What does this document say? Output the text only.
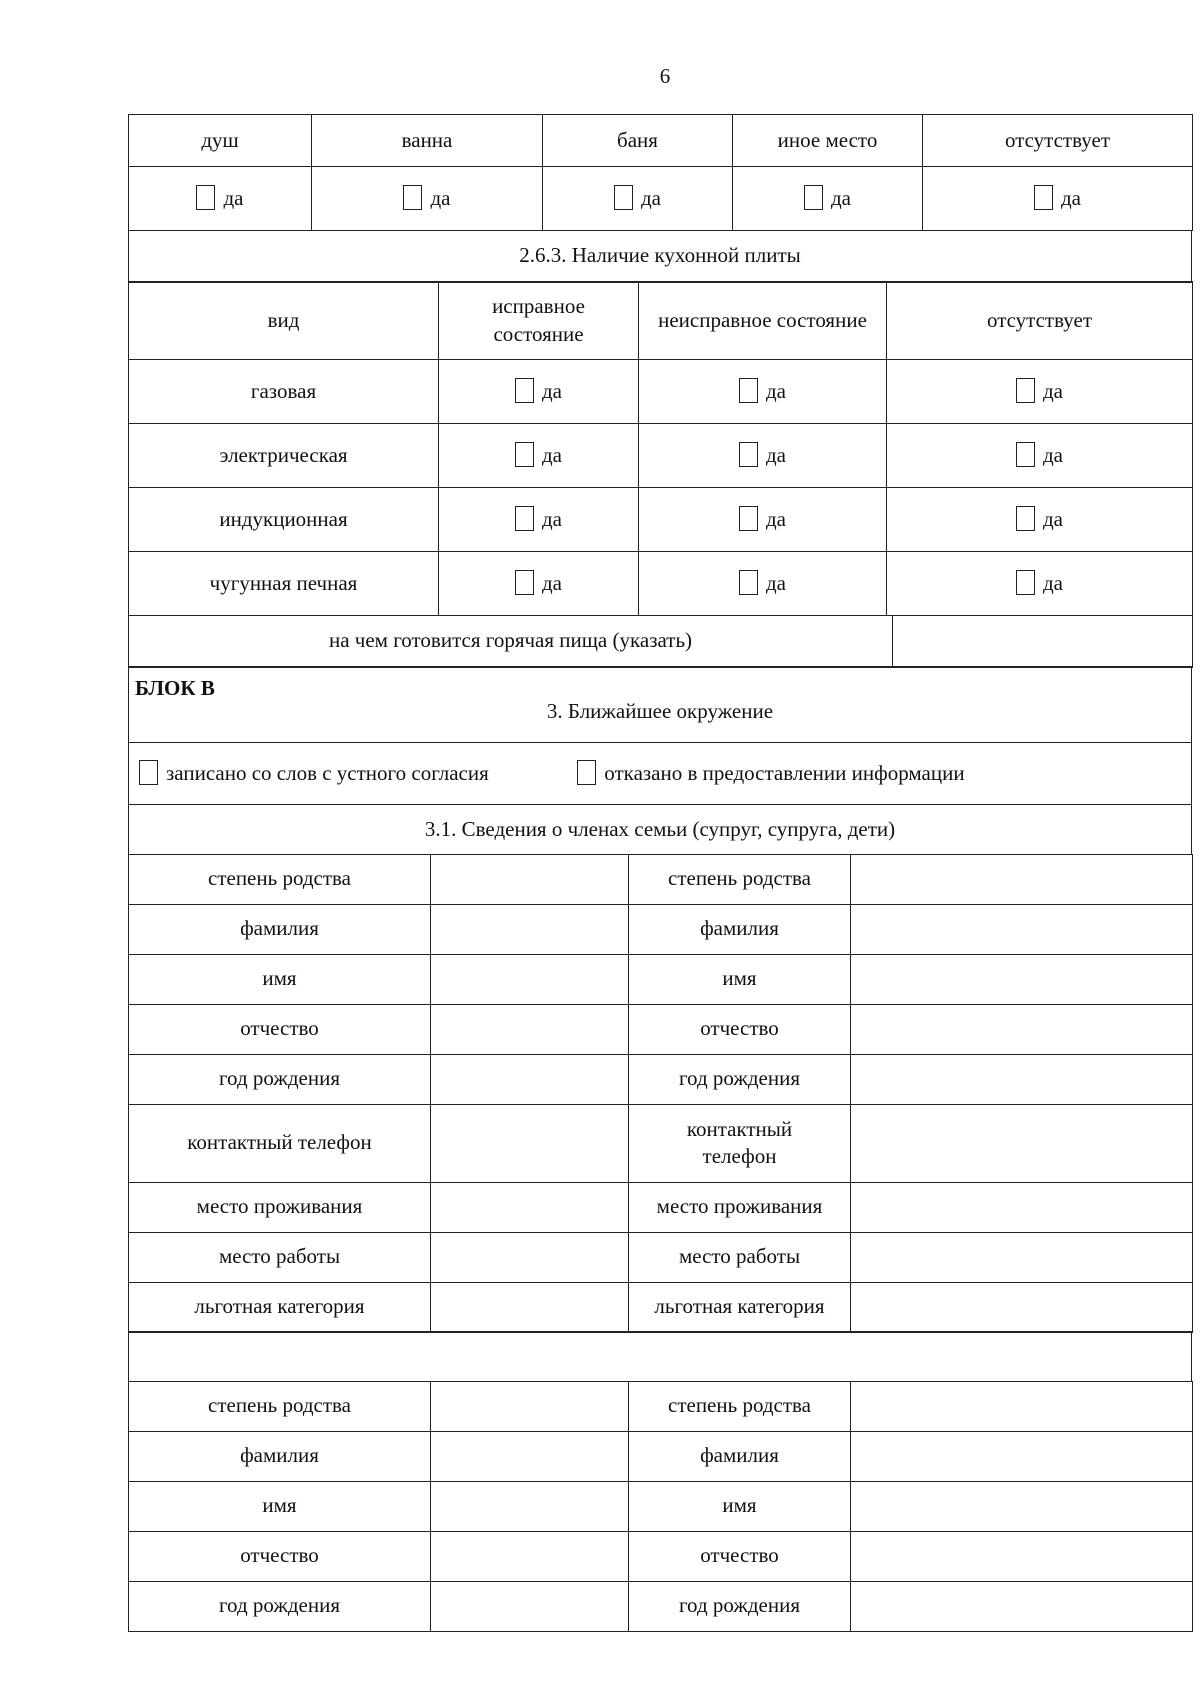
6
душ	ванна	баня	иное место	отсутствует
да	да	да	да	да
2.6.3. Наличие кухонной плиты
вид	исправное состояние	неисправное состояние	отсутствует
газовая	да	да	да
электрическая	да	да	да
индукционная	да	да	да
чугунная печная	да	да	да
на чем готовится горячая пища (указать)	
БЛОК В
3. Ближайшее окружение

записано со слов с устного согласия	отказано в предоставлении информации
3.1. Сведения о членах семьи (супруг, супруга, дети)
степень родства		степень родства	
фамилия		фамилия	
имя		имя	
отчество		отчество	
год рождения		год рождения	
контактный телефон		контактный телефон	
место проживания		место проживания	
место работы		место работы	
льготная категория		льготная категория	
степень родства		степень родства	
фамилия		фамилия	
имя		имя	
отчество		отчество	
год рождения		год рождения	
